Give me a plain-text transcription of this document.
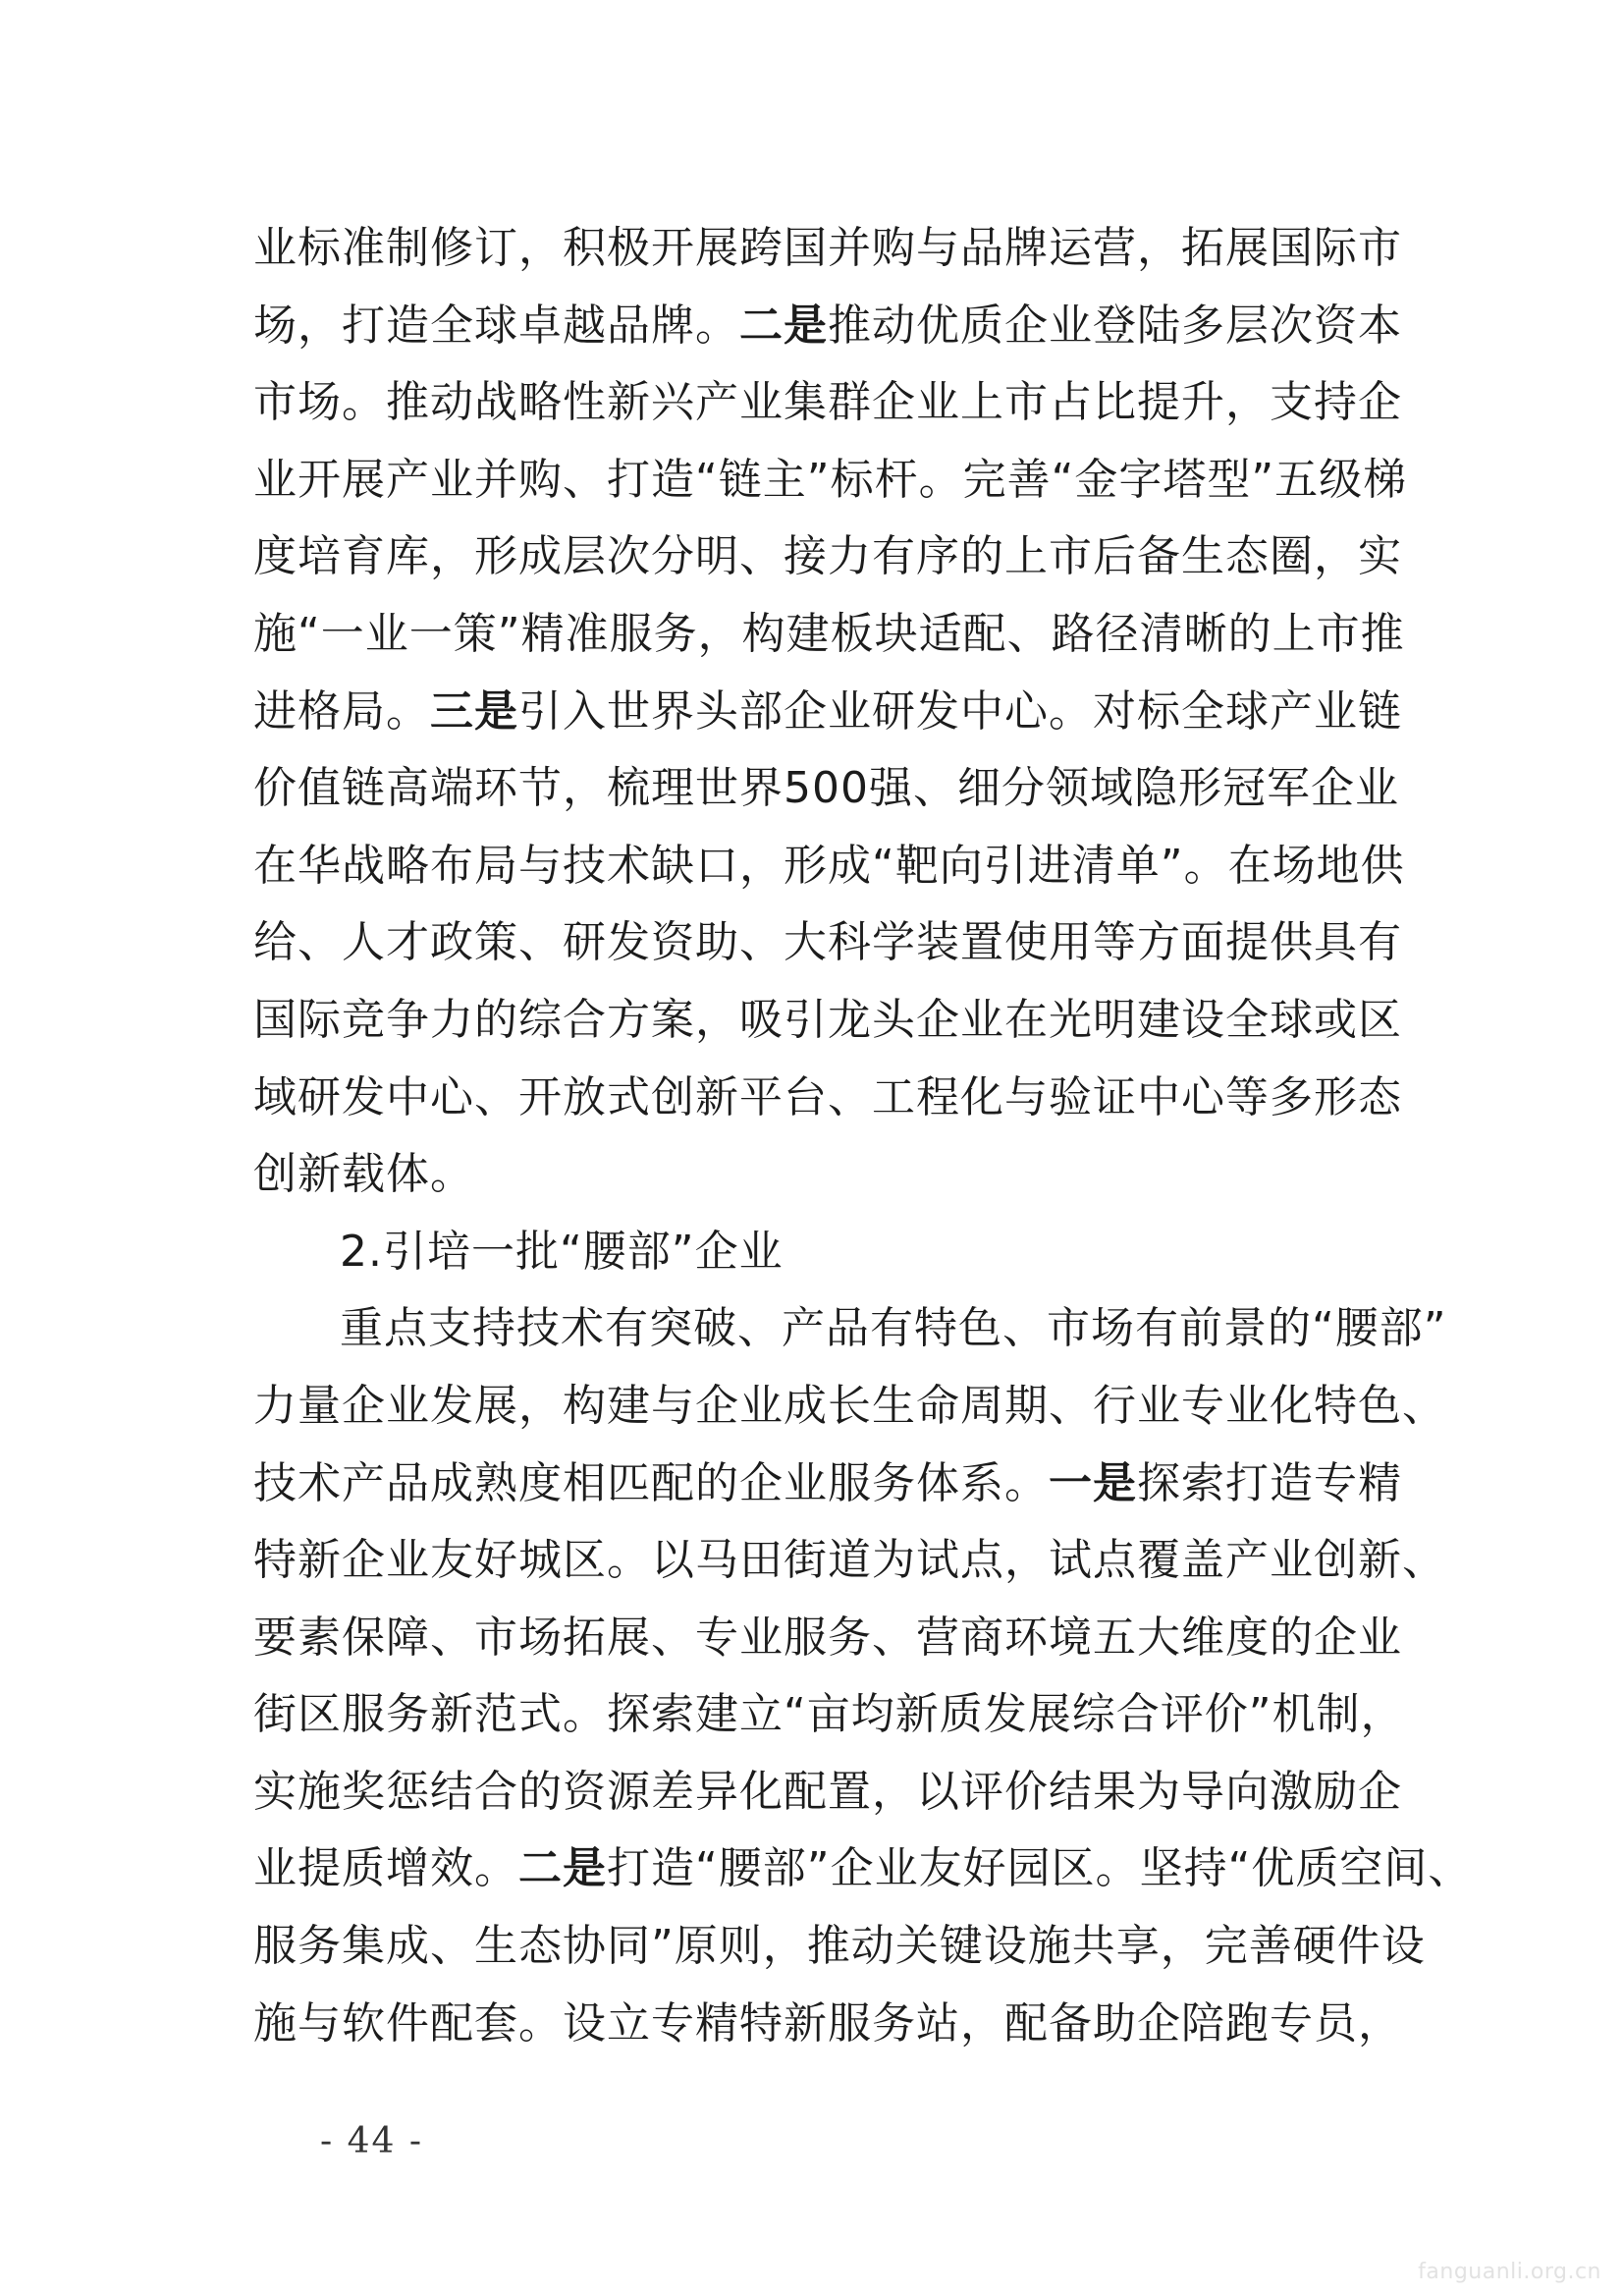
业标准制修订，积极开展跨国并购与品牌运营，拓展国际市
场，打造全球卓越品牌。二是推动优质企业登陆多层次资本
市场。推动战略性新兴产业集群企业上市占比提升，支持企
业开展产业并购、打造“链主”标杆。完善“金字塔型”五级梯
度培育库，形成层次分明、接力有序的上市后备生态圈，实
施“一业一策”精准服务，构建板块适配、路径清晰的上市推
进格局。三是引入世界头部企业研发中心。对标全球产业链
价值链高端环节，梳理世界500强、细分领域隐形冠军企业
在华战略布局与技术缺口，形成“靶向引进清单”。在场地供
给、人才政策、研发资助、大科学装置使用等方面提供具有
国际竞争力的综合方案，吸引龙头企业在光明建设全球或区
域研发中心、开放式创新平台、工程化与验证中心等多形态
创新载体。
2.引培一批“腰部”企业
重点支持技术有突破、产品有特色、市场有前景的“腰部”
力量企业发展，构建与企业成长生命周期、行业专业化特色、
技术产品成熟度相匹配的企业服务体系。一是探索打造专精
特新企业友好城区。以马田街道为试点，试点覆盖产业创新、
要素保障、市场拓展、专业服务、营商环境五大维度的企业
街区服务新范式。探索建立“亩均新质发展综合评价”机制，
实施奖惩结合的资源差异化配置，以评价结果为导向激励企
业提质增效。二是打造“腰部”企业友好园区。坚持“优质空间、
服务集成、生态协同”原则，推动关键设施共享，完善硬件设
施与软件配套。设立专精特新服务站，配备助企陪跑专员，
- 44 -
fanguanli.org.cn
